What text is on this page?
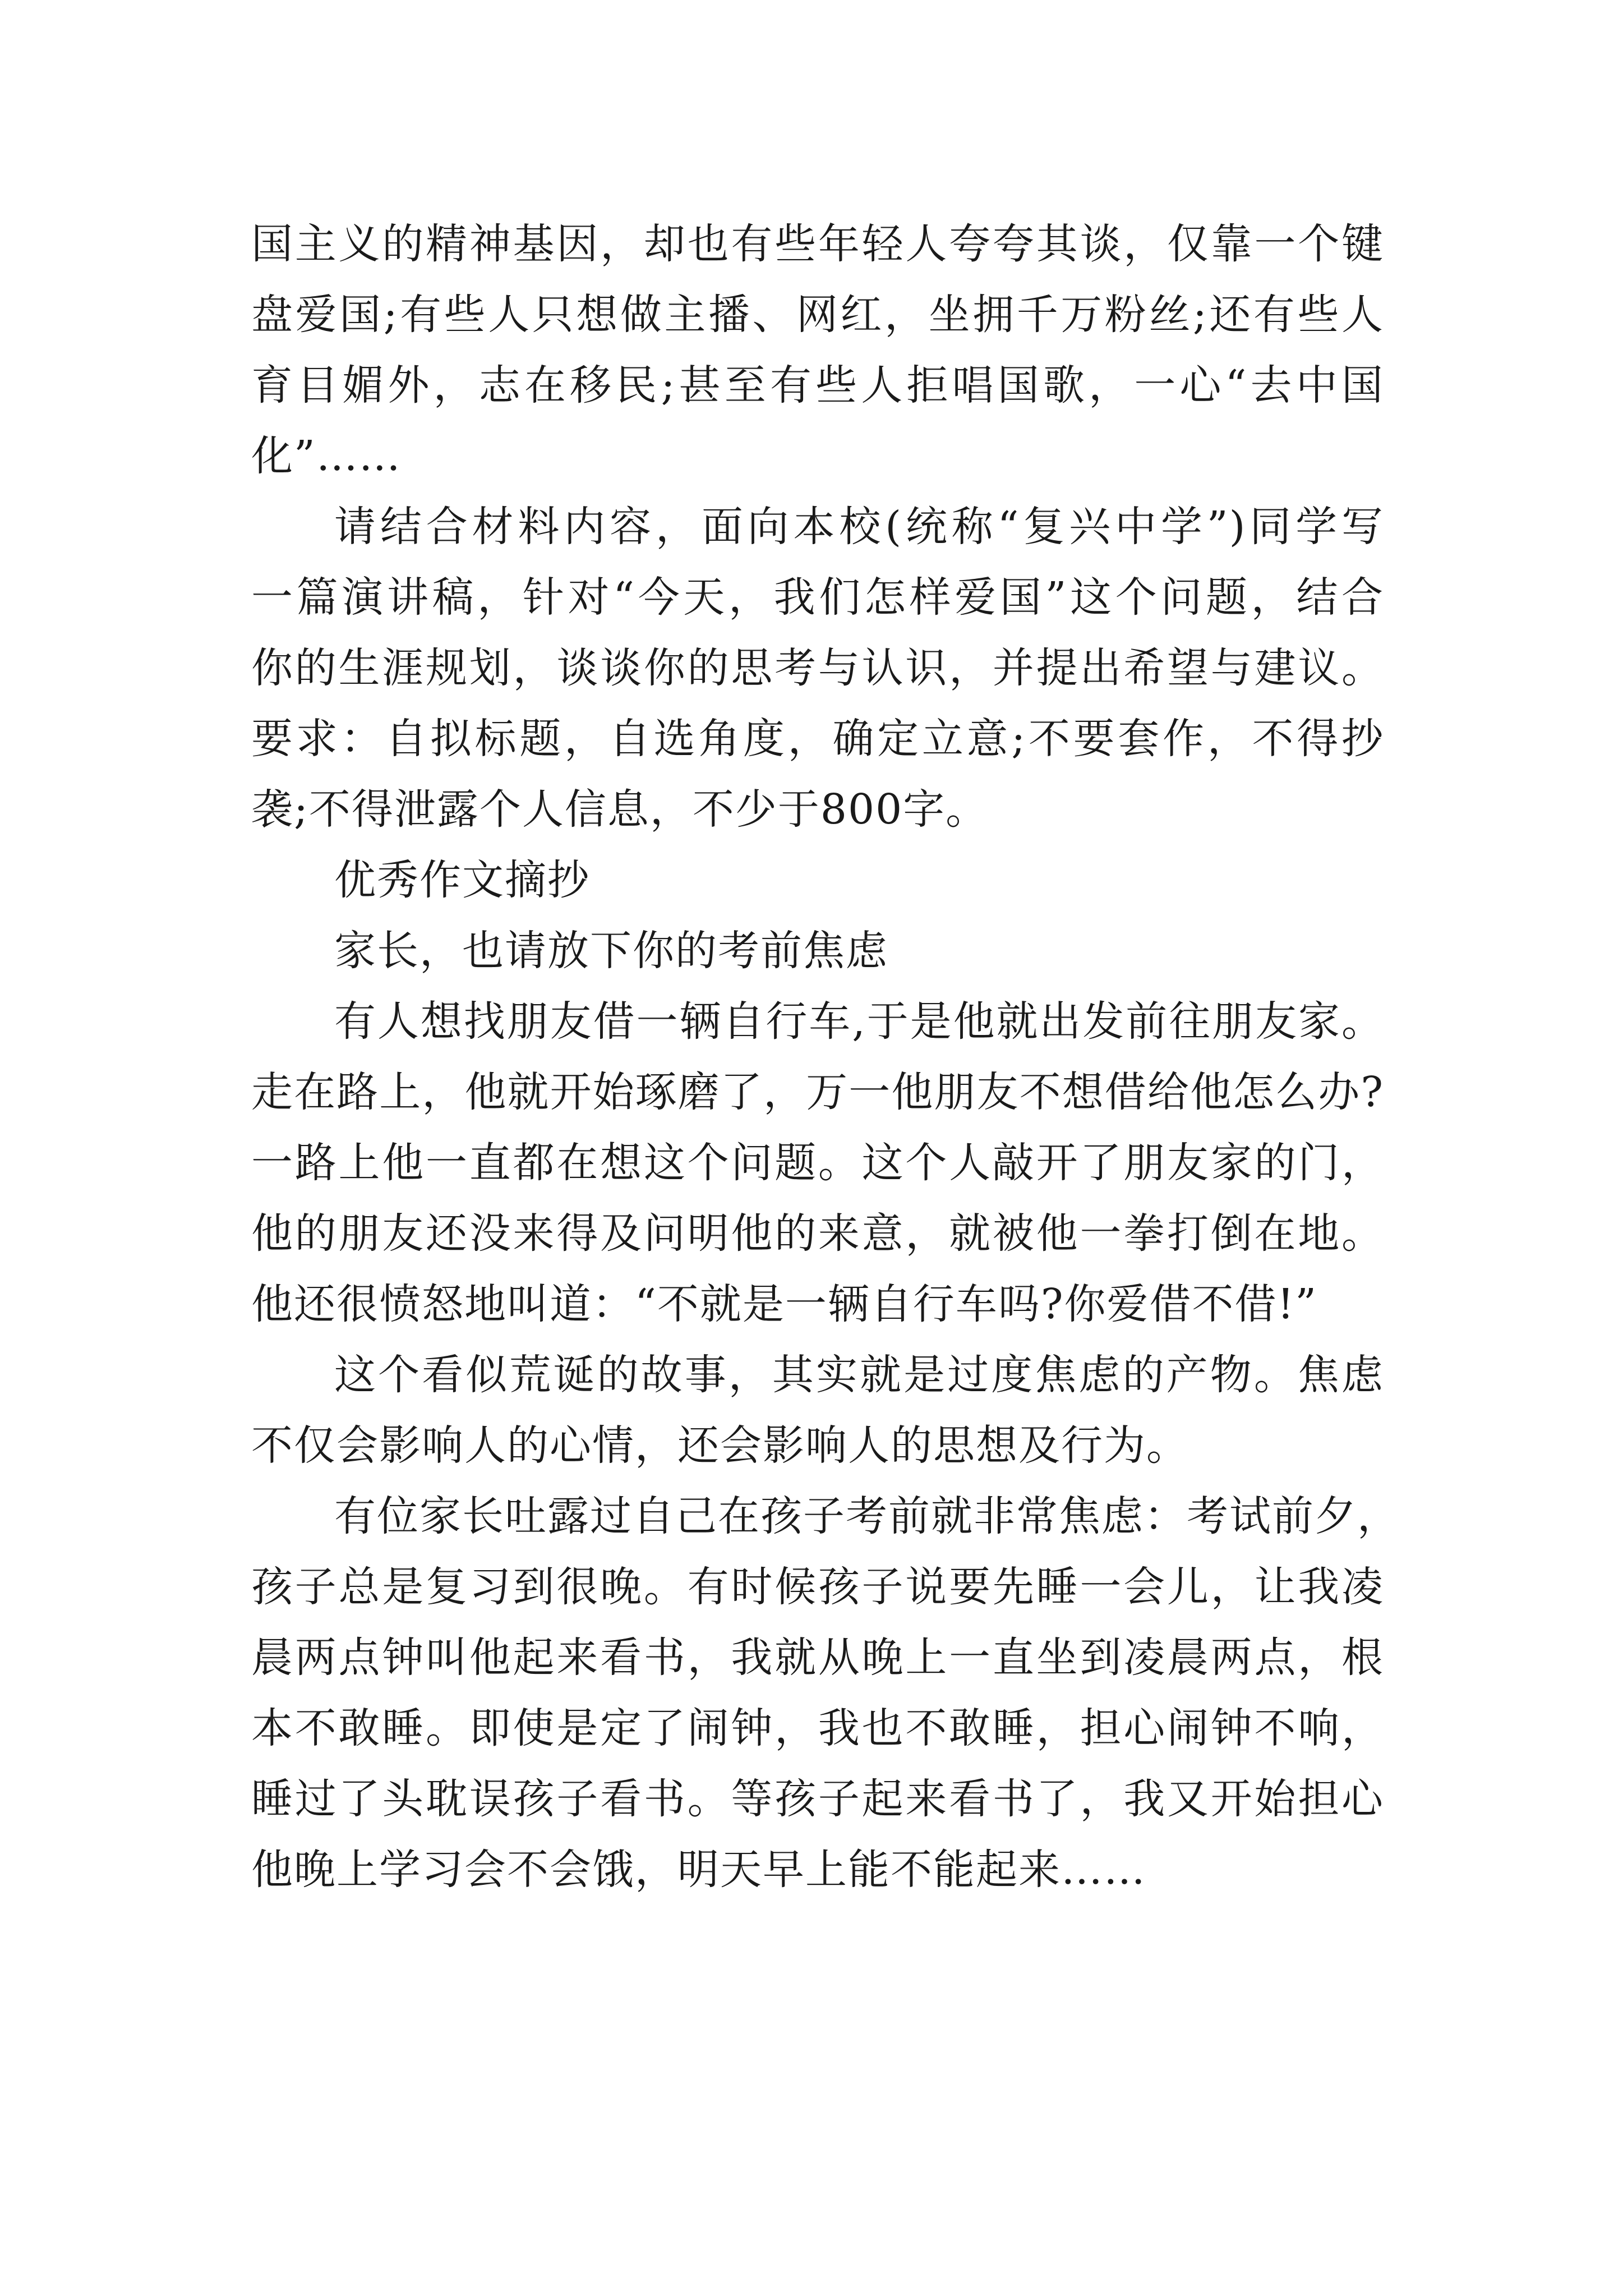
国主义的精神基因，却也有些年轻人夸夸其谈，仅靠一个键
盘爱国;有些人只想做主播、网红，坐拥千万粉丝;还有些人
育目媚外，志在移民;甚至有些人拒唱国歌，一心“去中国
化”……
请结合材料内容，面向本校(统称“复兴中学”)同学写
一篇演讲稿，针对“今天，我们怎样爱国”这个问题，结合
你的生涯规划，谈谈你的思考与认识，并提出希望与建议。
要求：自拟标题，自选角度，确定立意;不要套作，不得抄
袭;不得泄露个人信息，不少于800字。
优秀作文摘抄
家长，也请放下你的考前焦虑
有人想找朋友借一辆自行车,于是他就出发前往朋友家。
走在路上，他就开始琢磨了，万一他朋友不想借给他怎么办?
一路上他一直都在想这个问题。这个人敲开了朋友家的门，
他的朋友还没来得及问明他的来意，就被他一拳打倒在地。
他还很愤怒地叫道：“不就是一辆自行车吗?你爱借不借!”
这个看似荒诞的故事，其实就是过度焦虑的产物。焦虑
不仅会影响人的心情，还会影响人的思想及行为。
有位家长吐露过自己在孩子考前就非常焦虑：考试前夕，
孩子总是复习到很晚。有时候孩子说要先睡一会儿，让我凌
晨两点钟叫他起来看书，我就从晚上一直坐到凌晨两点，根
本不敢睡。即使是定了闹钟，我也不敢睡，担心闹钟不响，
睡过了头耽误孩子看书。等孩子起来看书了，我又开始担心
他晚上学习会不会饿，明天早上能不能起来……
